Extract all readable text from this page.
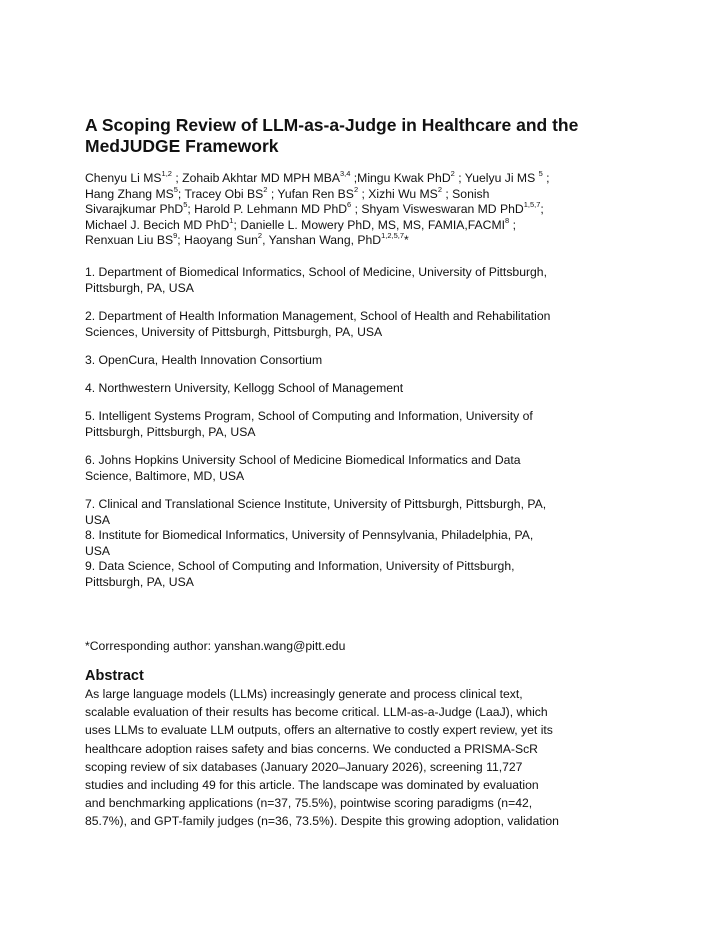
A Scoping Review of LLM-as-a-Judge in Healthcare and the
MedJUDGE Framework
Chenyu Li MS$^{1,2}$ ; Zohaib Akhtar MD MPH MBA$^{3,4}$ ;Mingu Kwak PhD$^2$ ; Yuelyu Ji MS $^5$ ;
Hang Zhang $MS^5$; Tracey Obi $BS^2$ ; Yufan Ren $BS^2$ ; Xizhi Wu $MS^2$ ; Sonish
Sivarajkumar PhD$^5$; Harold P. Lehmann MD PhD$^6$ ; Shyam Visweswaran MD PhD$^{1,5,7}$;
Michael J. Becich MD PhD$^1$; Danielle L. Mowery PhD, MS, MS, FAMIA,FACMI$^8$ ;
Renxuan Liu $BS^9$; Haoyang Sun$^2$, Yanshan Wang, PhD$^{1,2,5,7}$*

1. Department of Biomedical Informatics, School of Medicine, University of Pittsburgh,
Pittsburgh, PA, USA

2. Department of Health Information Management, School of Health and Rehabilitation
Sciences, University of Pittsburgh, Pittsburgh, PA, USA

3. OpenCura, Health Innovation Consortium

4. Northwestern University, Kellogg School of Management

5. Intelligent Systems Program, School of Computing and Information, University of
Pittsburgh, Pittsburgh, PA, USA

6. Johns Hopkins University School of Medicine Biomedical Informatics and Data
Science, Baltimore, MD, USA

7. Clinical and Translational Science Institute, University of Pittsburgh, Pittsburgh, PA,
USA

8. Institute for Biomedical Informatics, University of Pennsylvania, Philadelphia, PA,
USA

9. Data Science, School of Computing and Information, University of Pittsburgh,
Pittsburgh, PA, USA

*Corresponding author: yanshan.wang@pitt.edu

Abstract
As large language models (LLMs) increasingly generate and process clinical text,
scalable evaluation of their results has become critical. LLM-as-a-Judge (LaaJ), which
uses LLMs to evaluate LLM outputs, offers an alternative to costly expert review, yet its
healthcare adoption raises safety and bias concerns. We conducted a PRISMA-ScR
scoping review of six databases (January 2020–January 2026), screening 11,727
studies and including 49 for this article. The landscape was dominated by evaluation
and benchmarking applications (n=37, 75.5%), pointwise scoring paradigms (n=42,
85.7%), and GPT-family judges (n=36, 73.5%). Despite this growing adoption, validation
